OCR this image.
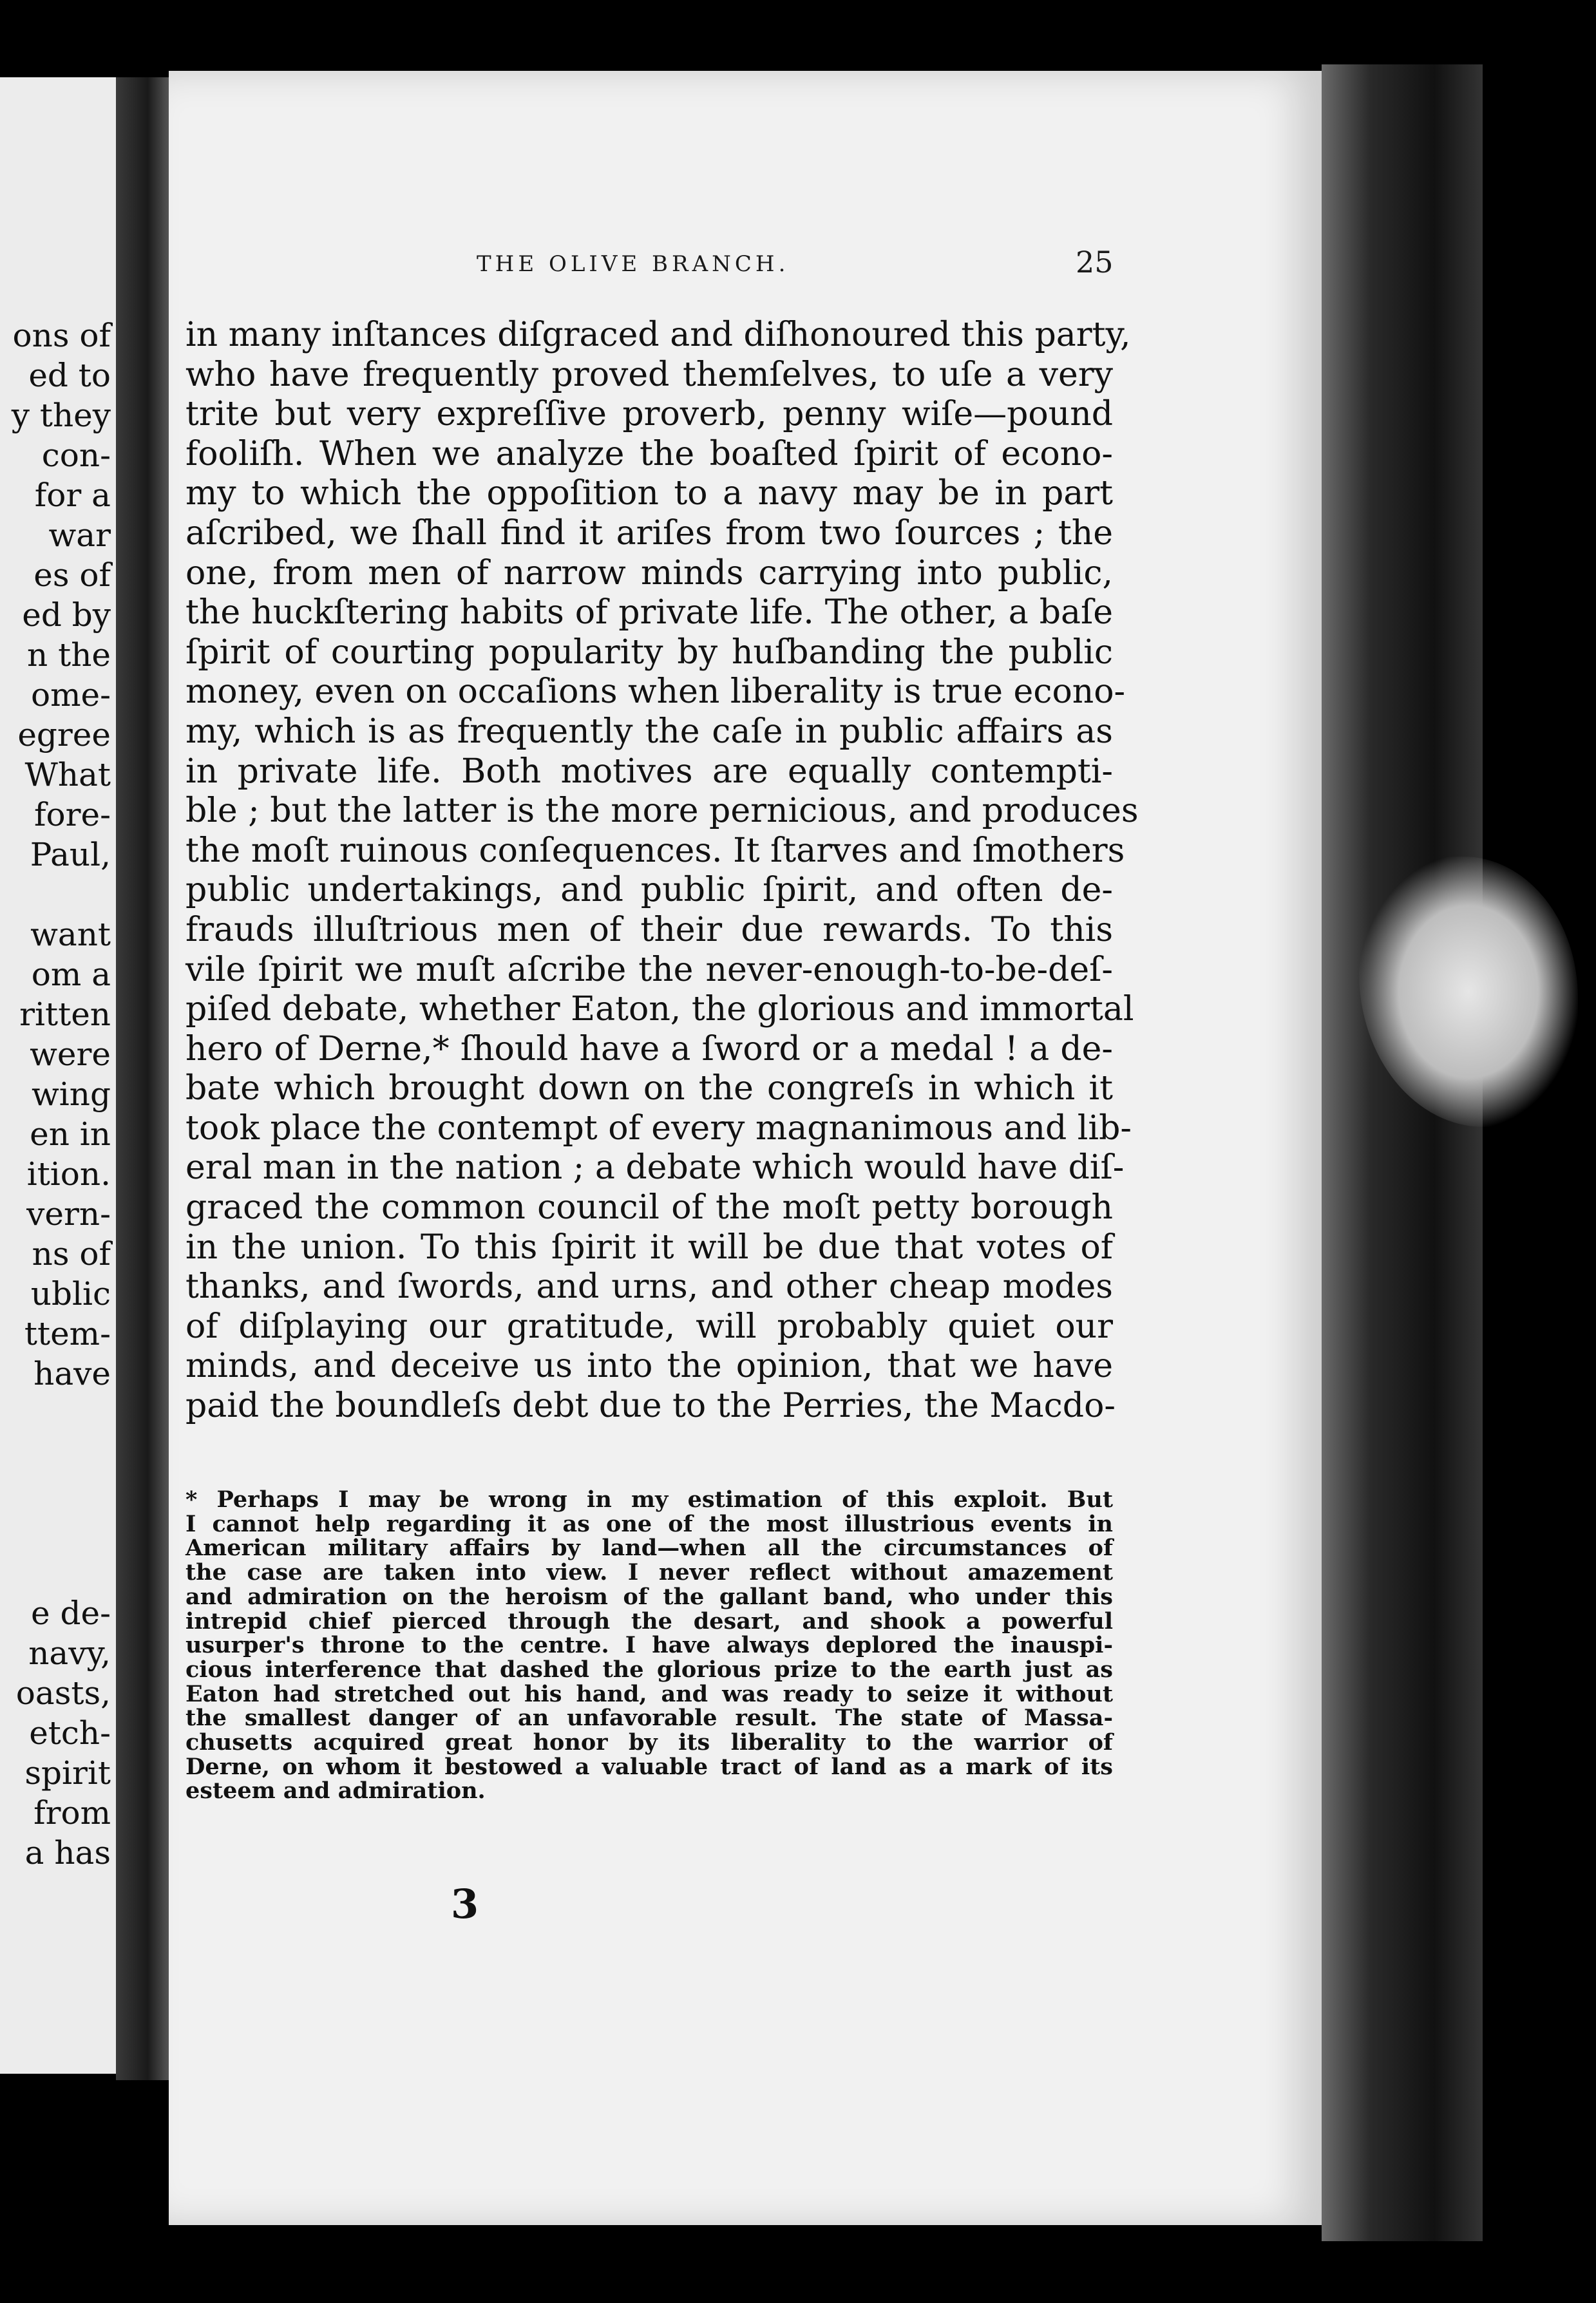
ons of
ed to
y they
con-
for a
war
es of
ed by
n the
ome-
egree
What
fore-
Paul,
want
om a
ritten
were
wing
en in
ition.
vern-
ns of
ublic
ttem-
have
e de-
navy,
oasts,
etch-
spirit
from
a has
THE OLIVE BRANCH.	25
in many inſtances diſgraced and diſhonoured this party,
who have frequently proved themſelves, to uſe a very
trite but very expreſſive proverb, penny wiſe—pound
fooliſh. When we analyze the boaſted ſpirit of econo-
my to which the oppoſition to a navy may be in part
aſcribed, we ſhall find it ariſes from two ſources ; the
one, from men of narrow minds carrying into public,
the huckſtering habits of private life. The other, a baſe
ſpirit of courting popularity by huſbanding the public
money, even on occaſions when liberality is true econo-
my, which is as frequently the caſe in public affairs as
in private life. Both motives are equally contempti-
ble ; but the latter is the more pernicious, and produces
the moſt ruinous conſequences. It ſtarves and ſmothers
public undertakings, and public ſpirit, and often de-
frauds illuſtrious men of their due rewards. To this
vile ſpirit we muſt aſcribe the never-enough-to-be-deſ-
piſed debate, whether Eaton, the glorious and immortal
hero of Derne,* ſhould have a ſword or a medal ! a de-
bate which brought down on the congreſs in which it
took place the contempt of every magnanimous and lib-
eral man in the nation ; a debate which would have diſ-
graced the common council of the moſt petty borough
in the union. To this ſpirit it will be due that votes of
thanks, and ſwords, and urns, and other cheap modes
of diſplaying our gratitude, will probably quiet our
minds, and deceive us into the opinion, that we have
paid the boundleſs debt due to the Perries, the Macdo-
* Perhaps I may be wrong in my estimation of this exploit. But
I cannot help regarding it as one of the most illustrious events in
American military affairs by land—when all the circumstances of
the case are taken into view. I never reflect without amazement
and admiration on the heroism of the gallant band, who under this
intrepid chief pierced through the desart, and shook a powerful
usurper's throne to the centre. I have always deplored the inauspi-
cious interference that dashed the glorious prize to the earth just as
Eaton had stretched out his hand, and was ready to seize it without
the smallest danger of an unfavorable result. The state of Massa-
chusetts acquired great honor by its liberality to the warrior of
Derne, on whom it bestowed a valuable tract of land as a mark of its
esteem and admiration.
3
